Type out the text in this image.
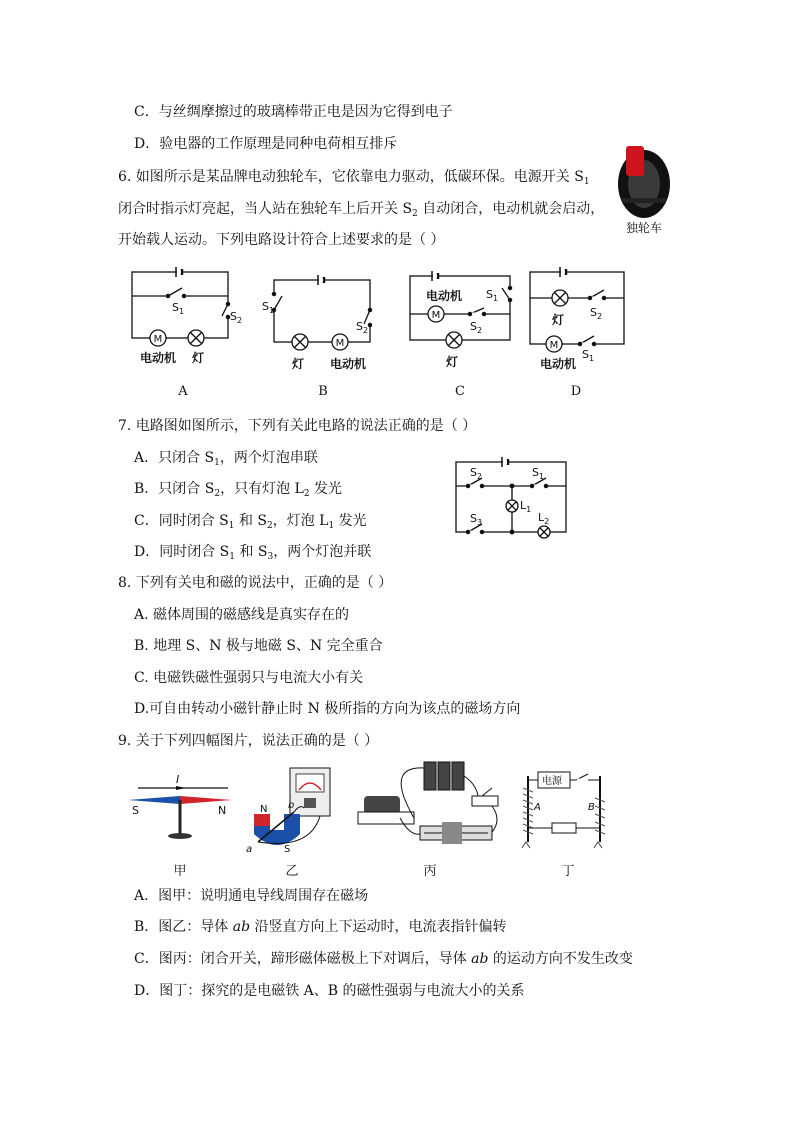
C．与丝绸摩擦过的玻璃棒带正电是因为它得到电子
D．验电器的工作原理是同种电荷相互排斥
6. 如图所示是某品牌电动独轮车，它依靠电力驱动，低碳环保。电源开关 $S_1$
闭合时指示灯亮起，当人站在独轮车上后开关 $S_2$ 自动闭合，电动机就会启动，
开始载人运动。下列电路设计符合上述要求的是（ ）
独轮车
M
$S_1$	$S_2$
电动机 灯
A
M
$S_1$
$S_2$
灯 电动机
B
M
电动机 $S_1$
$S_2$
灯
C
M
灯
$S_2$
$S_1$
电动机
D
7. 电路图如图所示，下列有关此电路的说法正确的是（ ）
A．只闭合 $S_1$，两个灯泡串联
B．只闭合 $S_2$，只有灯泡 $L_2$ 发光
C．同时闭合 $S_1$ 和 $S_2$，灯泡 $L_1$ 发光
D．同时闭合 $S_1$ 和 $S_3$，两个灯泡并联
$S_2$	$S_1$
$L_1$
$S_3$	$L_2$
8. 下列有关电和磁的说法中，正确的是（ ）
A. 磁体周围的磁感线是真实存在的
B. 地理 S、N 极与地磁 S、N 完全重合
C. 电磁铁磁性强弱只与电流大小有关
D.可自由转动小磁针静止时 N 极所指的方向为该点的磁场方向
9. 关于下列四幅图片，说法正确的是（ ）
I
S	N
甲
N
S
a
b
乙	丙
电源
A	B
丁
A．图甲：说明通电导线周围存在磁场
B．图乙：导体 ab 沿竖直方向上下运动时，电流表指针偏转
C．图丙：闭合开关，蹄形磁体磁极上下对调后，导体 ab 的运动方向不发生改变
D．图丁：探究的是电磁铁 A、B 的磁性强弱与电流大小的关系
